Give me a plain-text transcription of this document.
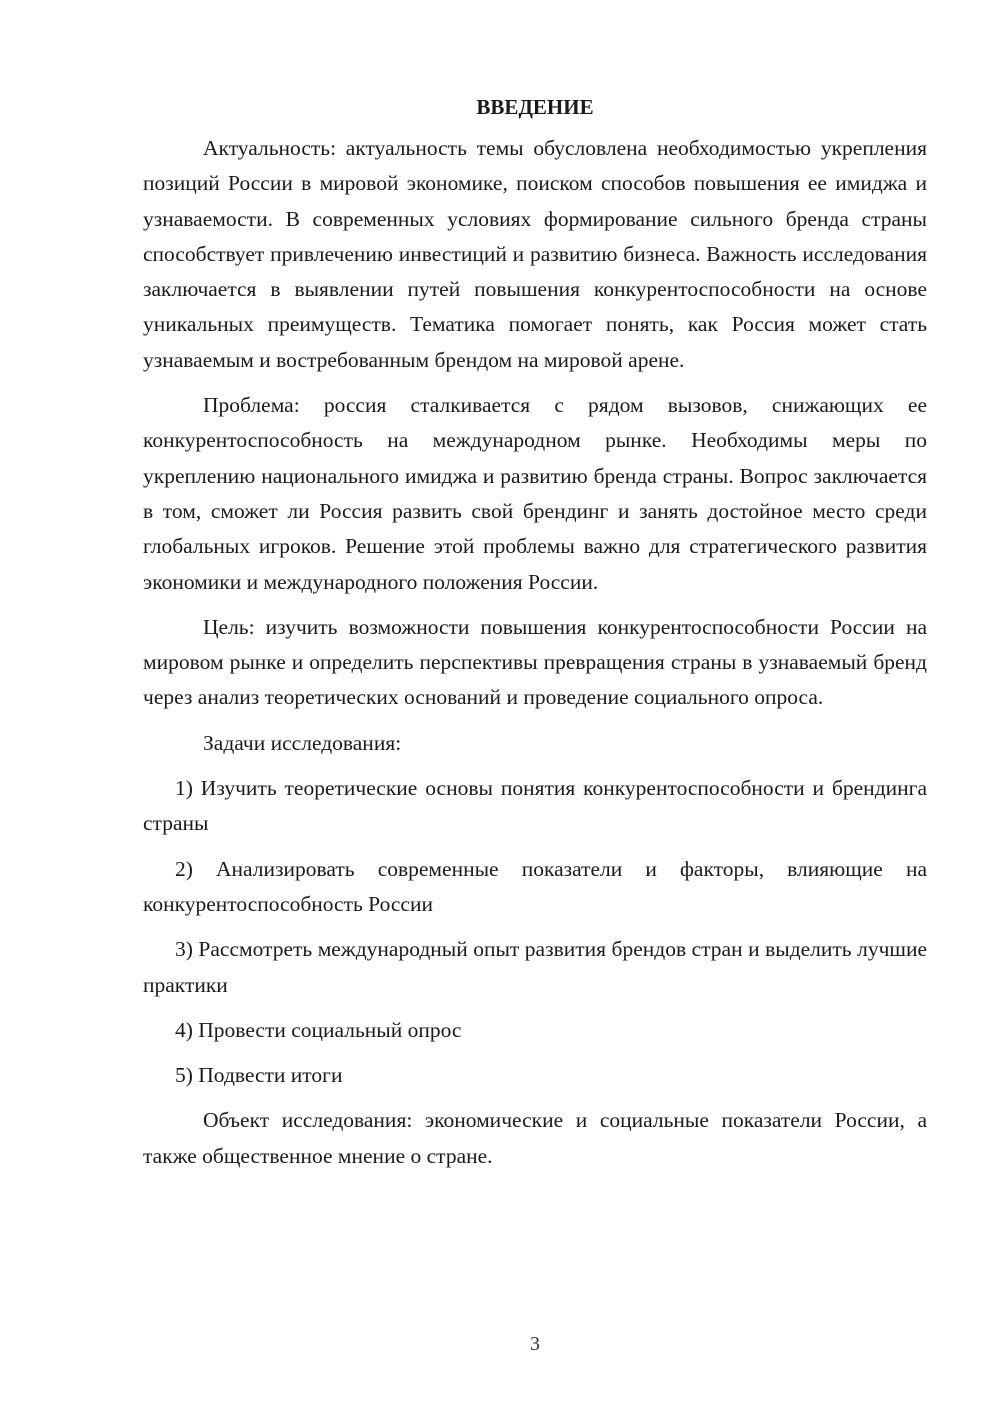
ВВЕДЕНИЕ

Актуальность: актуальность темы обусловлена необходимостью укрепления позиций России в мировой экономике, поиском способов повышения ее имиджа и узнаваемости. В современных условиях формирование сильного бренда страны способствует привлечению инвестиций и развитию бизнеса. Важность исследования заключается в выявлении путей повышения конкурентоспособности на основе уникальных преимуществ. Тематика помогает понять, как Россия может стать узнаваемым и востребованным брендом на мировой арене.

Проблема: россия сталкивается с рядом вызовов, снижающих ее конкурентоспособность на международном рынке. Необходимы меры по укреплению национального имиджа и развитию бренда страны. Вопрос заключается в том, сможет ли Россия развить свой брендинг и занять достойное место среди глобальных игроков. Решение этой проблемы важно для стратегического развития экономики и международного положения России.

Цель: изучить возможности повышения конкурентоспособности России на мировом рынке и определить перспективы превращения страны в узнаваемый бренд через анализ теоретических оснований и проведение социального опроса.

Задачи исследования:

1) Изучить теоретические основы понятия конкурентоспособности и брендинга страны

2) Анализировать современные показатели и факторы, влияющие на конкурентоспособность России

3) Рассмотреть международный опыт развития брендов стран и выделить лучшие практики

4) Провести социальный опрос

5) Подвести итоги

Объект исследования: экономические и социальные показатели России, а также общественное мнение о стране.

3
